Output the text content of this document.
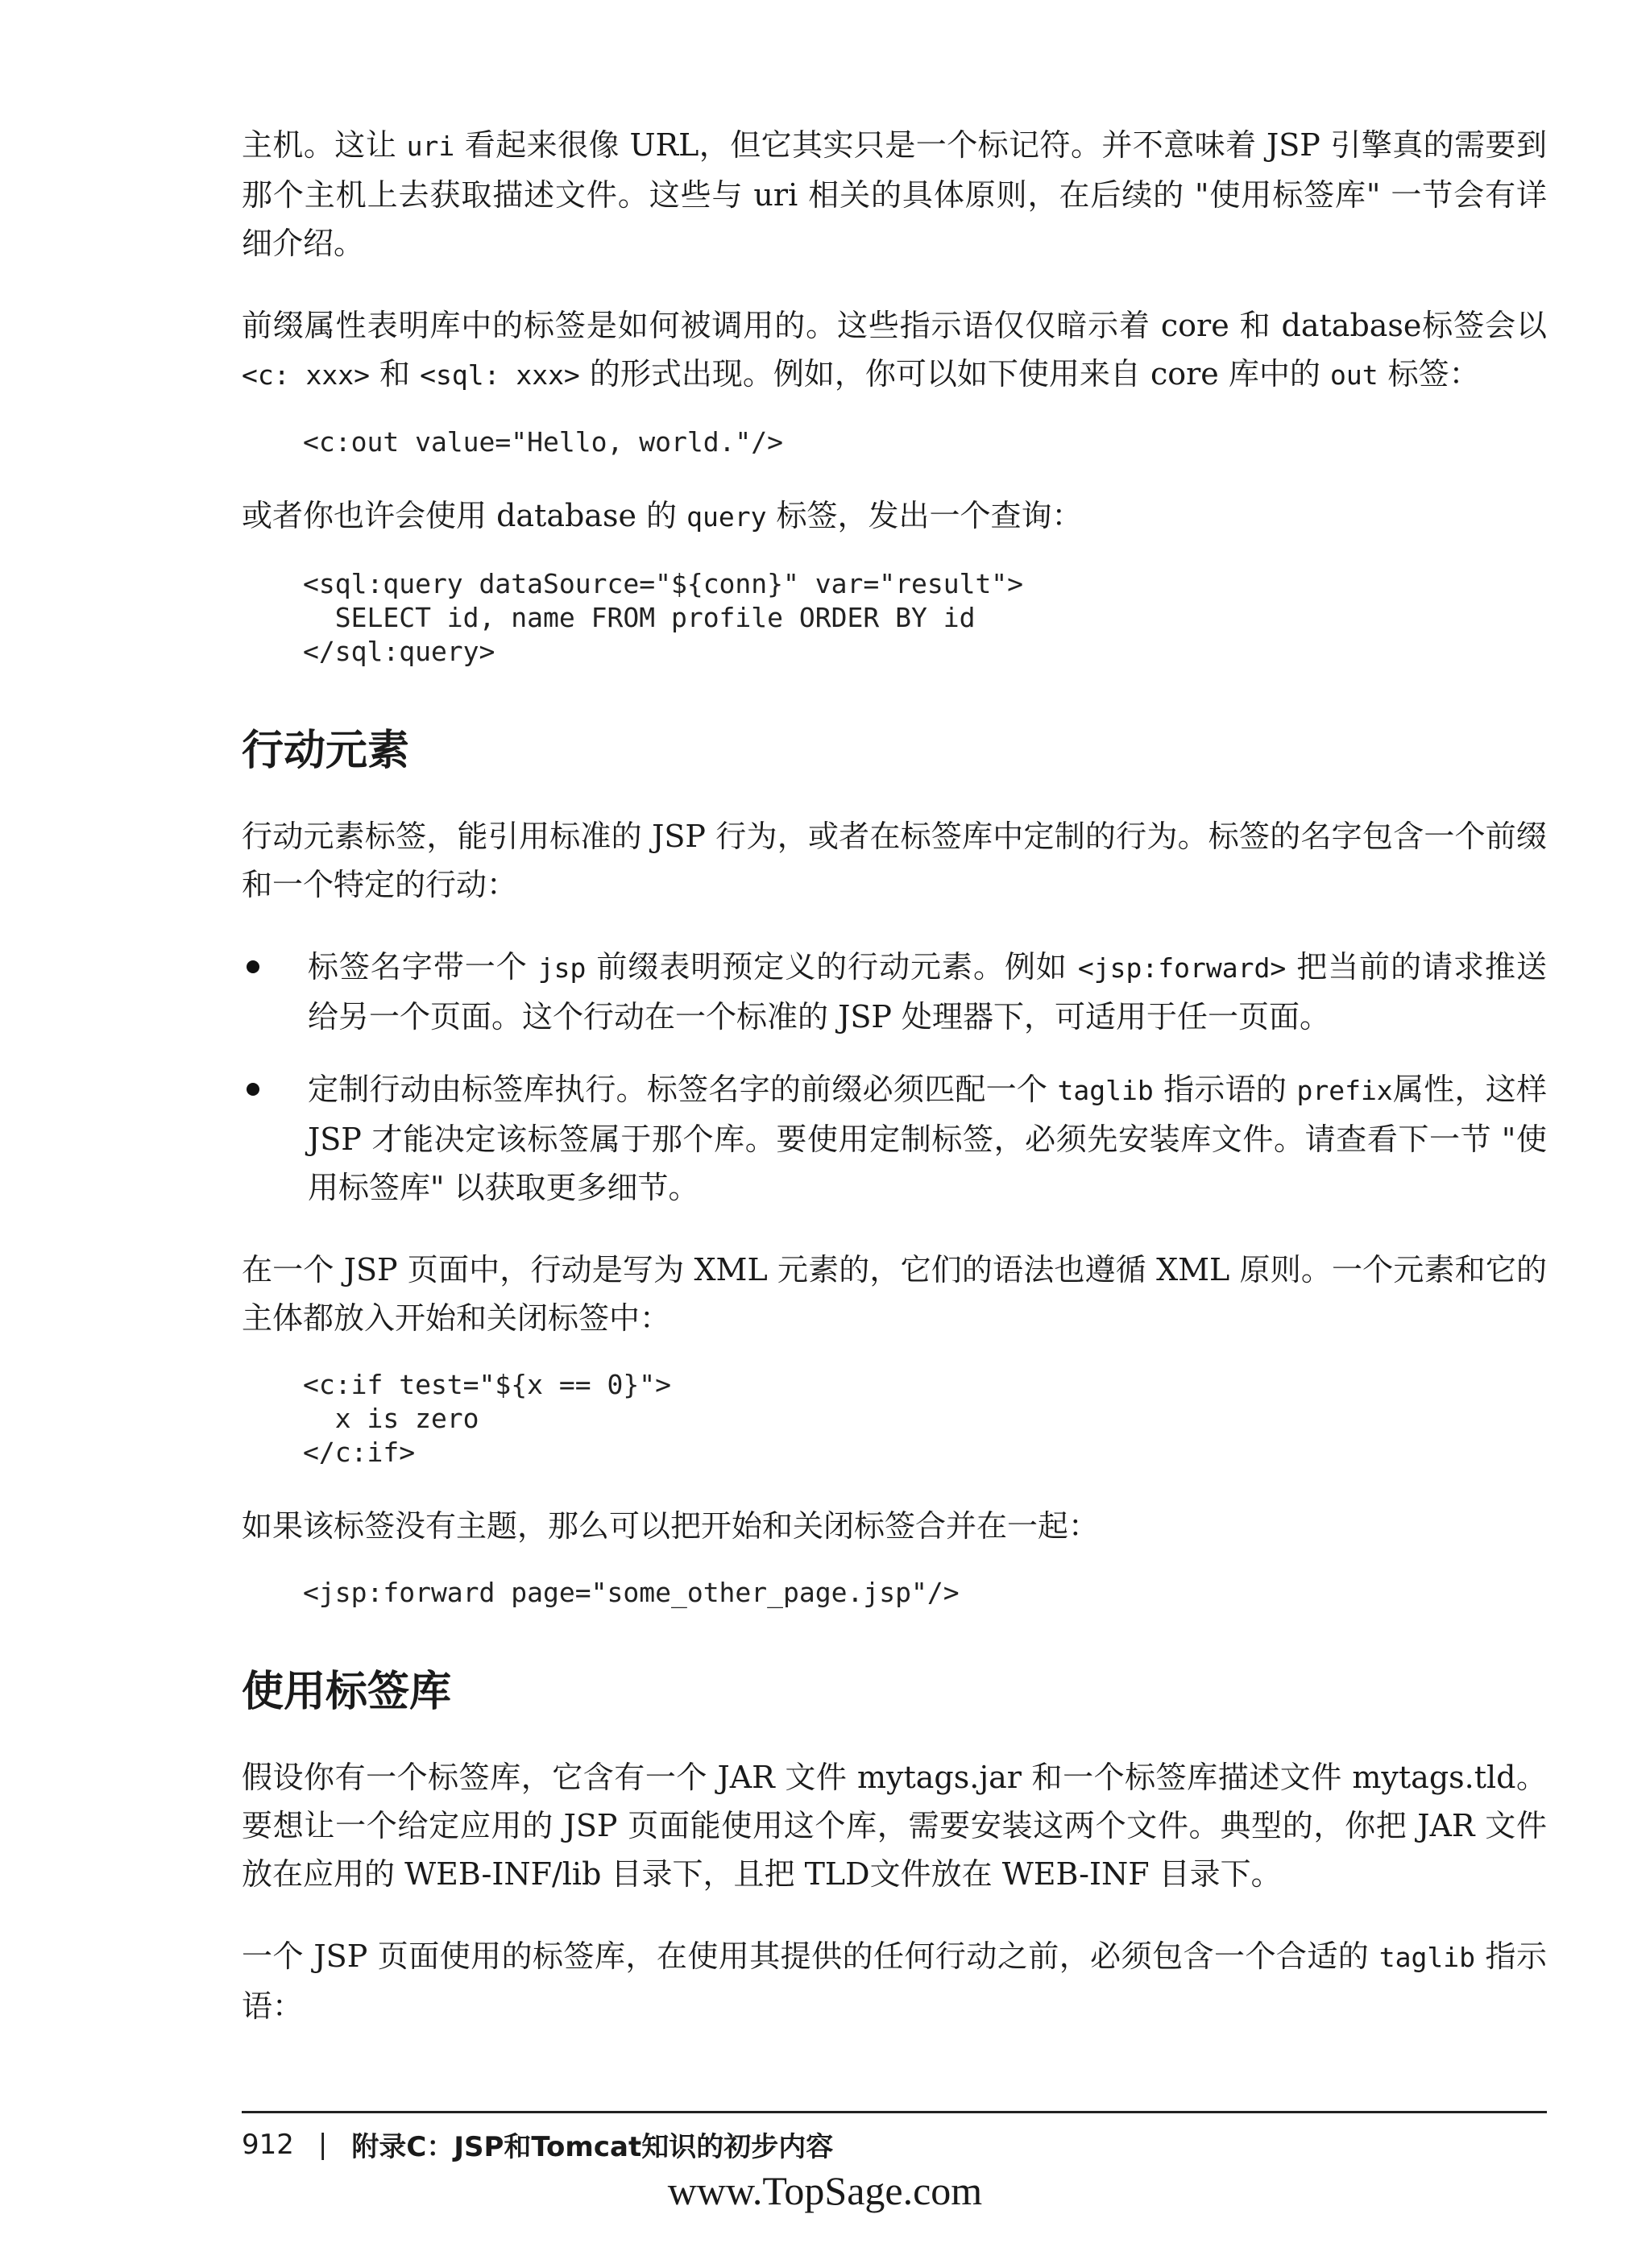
主机。这让 uri 看起来很像 URL，但它其实只是一个标记符。并不意味着 JSP 引擎真的需要到那个主机上去获取描述文件。这些与 uri 相关的具体原则，在后续的 "使用标签库" 一节会有详细介绍。

前缀属性表明库中的标签是如何被调用的。这些指示语仅仅暗示着 core 和 database标签会以 <c: xxx> 和 <sql: xxx> 的形式出现。例如，你可以如下使用来自 core 库中的 out 标签：

<c:out value="Hello, world."/>

或者你也许会使用 database 的 query 标签，发出一个查询：

<sql:query dataSource="${conn}" var="result">
SELECT id, name FROM profile ORDER BY id
</sql:query>
行动元素

行动元素标签，能引用标准的 JSP 行为，或者在标签库中定制的行为。标签的名字包含一个前缀和一个特定的行动：

标签名字带一个 jsp 前缀表明预定义的行动元素。例如 <jsp:forward> 把当前的请求推送给另一个页面。这个行动在一个标准的 JSP 处理器下，可适用于任一页面。
定制行动由标签库执行。标签名字的前缀必须匹配一个 taglib 指示语的 prefix属性，这样 JSP 才能决定该标签属于那个库。要使用定制标签，必须先安装库文件。请查看下一节 "使用标签库" 以获取更多细节。

在一个 JSP 页面中，行动是写为 XML 元素的，它们的语法也遵循 XML 原则。一个元素和它的主体都放入开始和关闭标签中：

<c:if test="${x == 0}">
x is zero
</c:if>

如果该标签没有主题，那么可以把开始和关闭标签合并在一起：

<jsp:forward page="some_other_page.jsp"/>
使用标签库

假设你有一个标签库，它含有一个 JAR 文件 mytags.jar 和一个标签库描述文件 mytags.tld。要想让一个给定应用的 JSP 页面能使用这个库，需要安装这两个文件。典型的，你把 JAR 文件放在应用的 WEB-INF/lib 目录下，且把 TLD文件放在 WEB-INF 目录下。

一个 JSP 页面使用的标签库，在使用其提供的任何行动之前，必须包含一个合适的 taglib 指示语：

912 | 附录C：JSP和Tomcat知识的初步内容
www.TopSage.com
